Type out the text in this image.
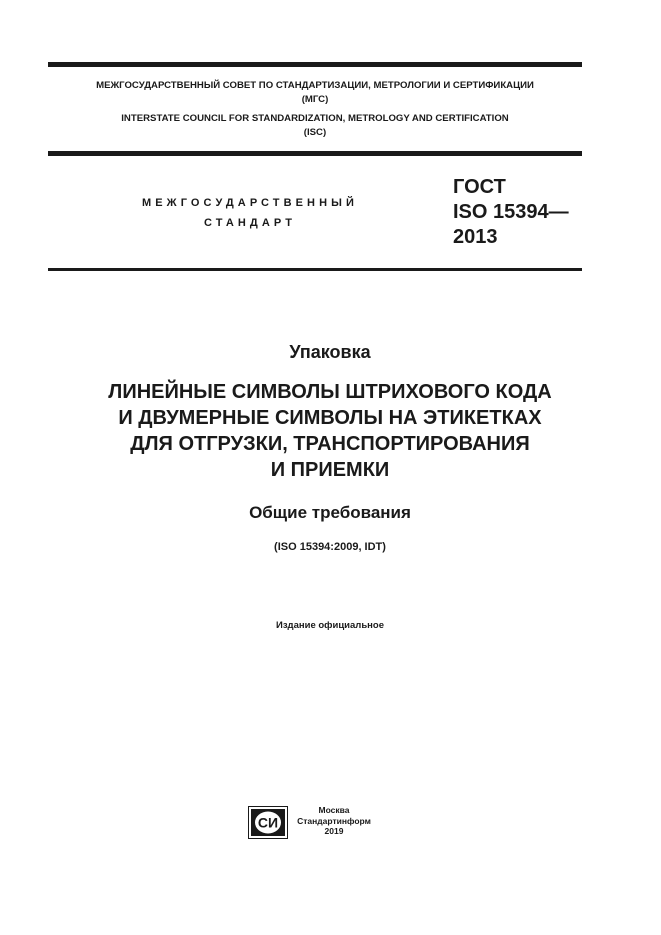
МЕЖГОСУДАРСТВЕННЫЙ СОВЕТ ПО СТАНДАРТИЗАЦИИ, МЕТРОЛОГИИ И СЕРТИФИКАЦИИ
(МГС)
INTERSTATE COUNCIL FOR STANDARDIZATION, METROLOGY AND CERTIFICATION
(ISC)
МЕЖГОСУДАРСТВЕННЫЙ
СТАНДАРТ
ГОСТ
ISO 15394—
2013
Упаковка
ЛИНЕЙНЫЕ СИМВОЛЫ ШТРИХОВОГО КОДА
И ДВУМЕРНЫЕ СИМВОЛЫ НА ЭТИКЕТКАХ
ДЛЯ ОТГРУЗКИ, ТРАНСПОРТИРОВАНИЯ
И ПРИЕМКИ
Общие требования
(ISO 15394:2009, IDT)
Издание официальное
СИ
Москва
Стандартинформ
2019
